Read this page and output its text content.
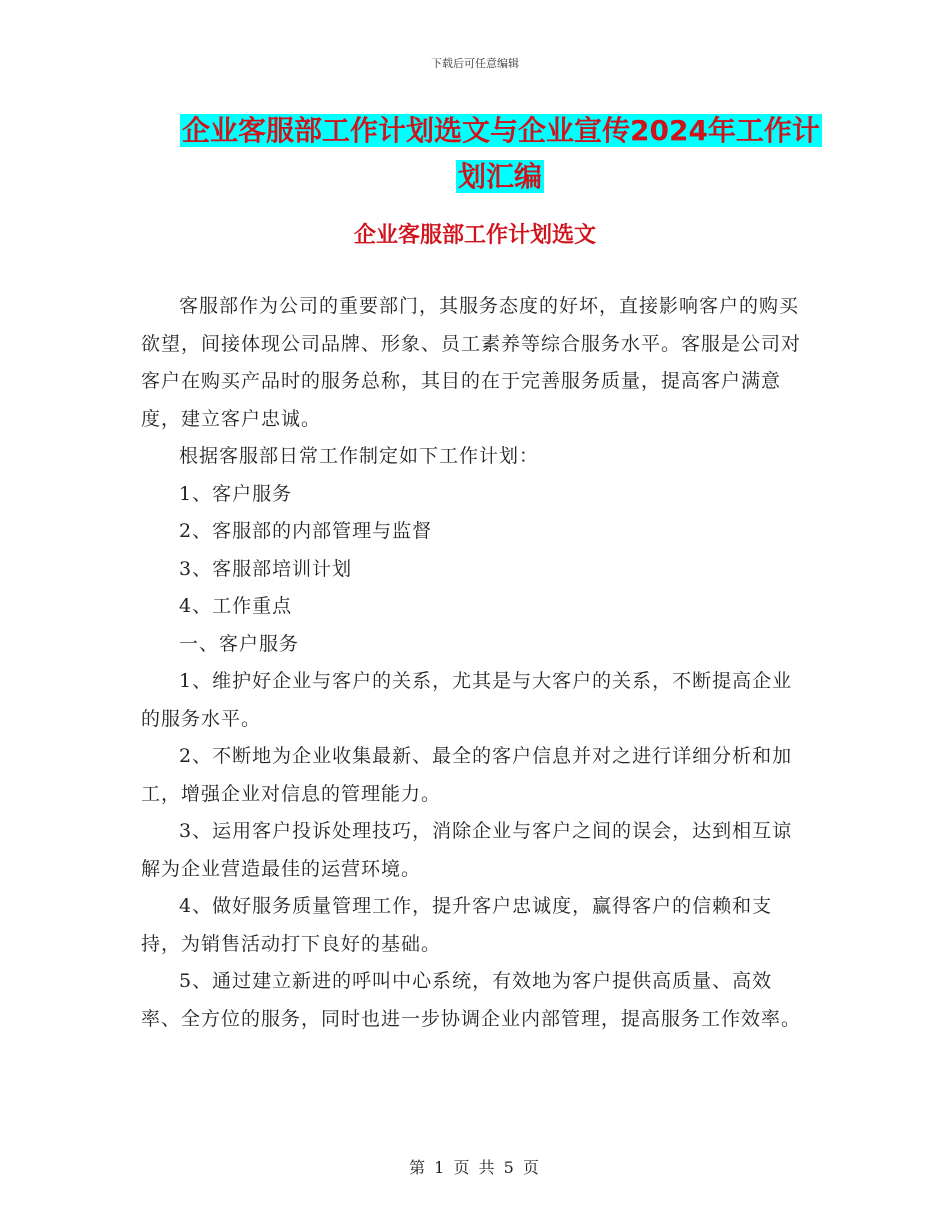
下载后可任意编辑
企业客服部工作计划选文与企业宣传2024年工作计划汇编
企业客服部工作计划选文

客服部作为公司的重要部门，其服务态度的好坏，直接影响客户的购买欲望，间接体现公司品牌、形象、员工素养等综合服务水平。客服是公司对客户在购买产品时的服务总称，其目的在于完善服务质量，提高客户满意度，建立客户忠诚。

根据客服部日常工作制定如下工作计划：

1、客户服务

2、客服部的内部管理与监督

3、客服部培训计划

4、工作重点

一、客户服务

1、维护好企业与客户的关系，尤其是与大客户的关系，不断提高企业的服务水平。

2、不断地为企业收集最新、最全的客户信息并对之进行详细分析和加工，增强企业对信息的管理能力。

3、运用客户投诉处理技巧，消除企业与客户之间的误会，达到相互谅解为企业营造最佳的运营环境。

4、做好服务质量管理工作，提升客户忠诚度，赢得客户的信赖和支持，为销售活动打下良好的基础。

5、通过建立新进的呼叫中心系统，有效地为客户提供高质量、高效率、全方位的服务，同时也进一步协调企业内部管理，提高服务工作效率。

第 1 页 共 5 页
